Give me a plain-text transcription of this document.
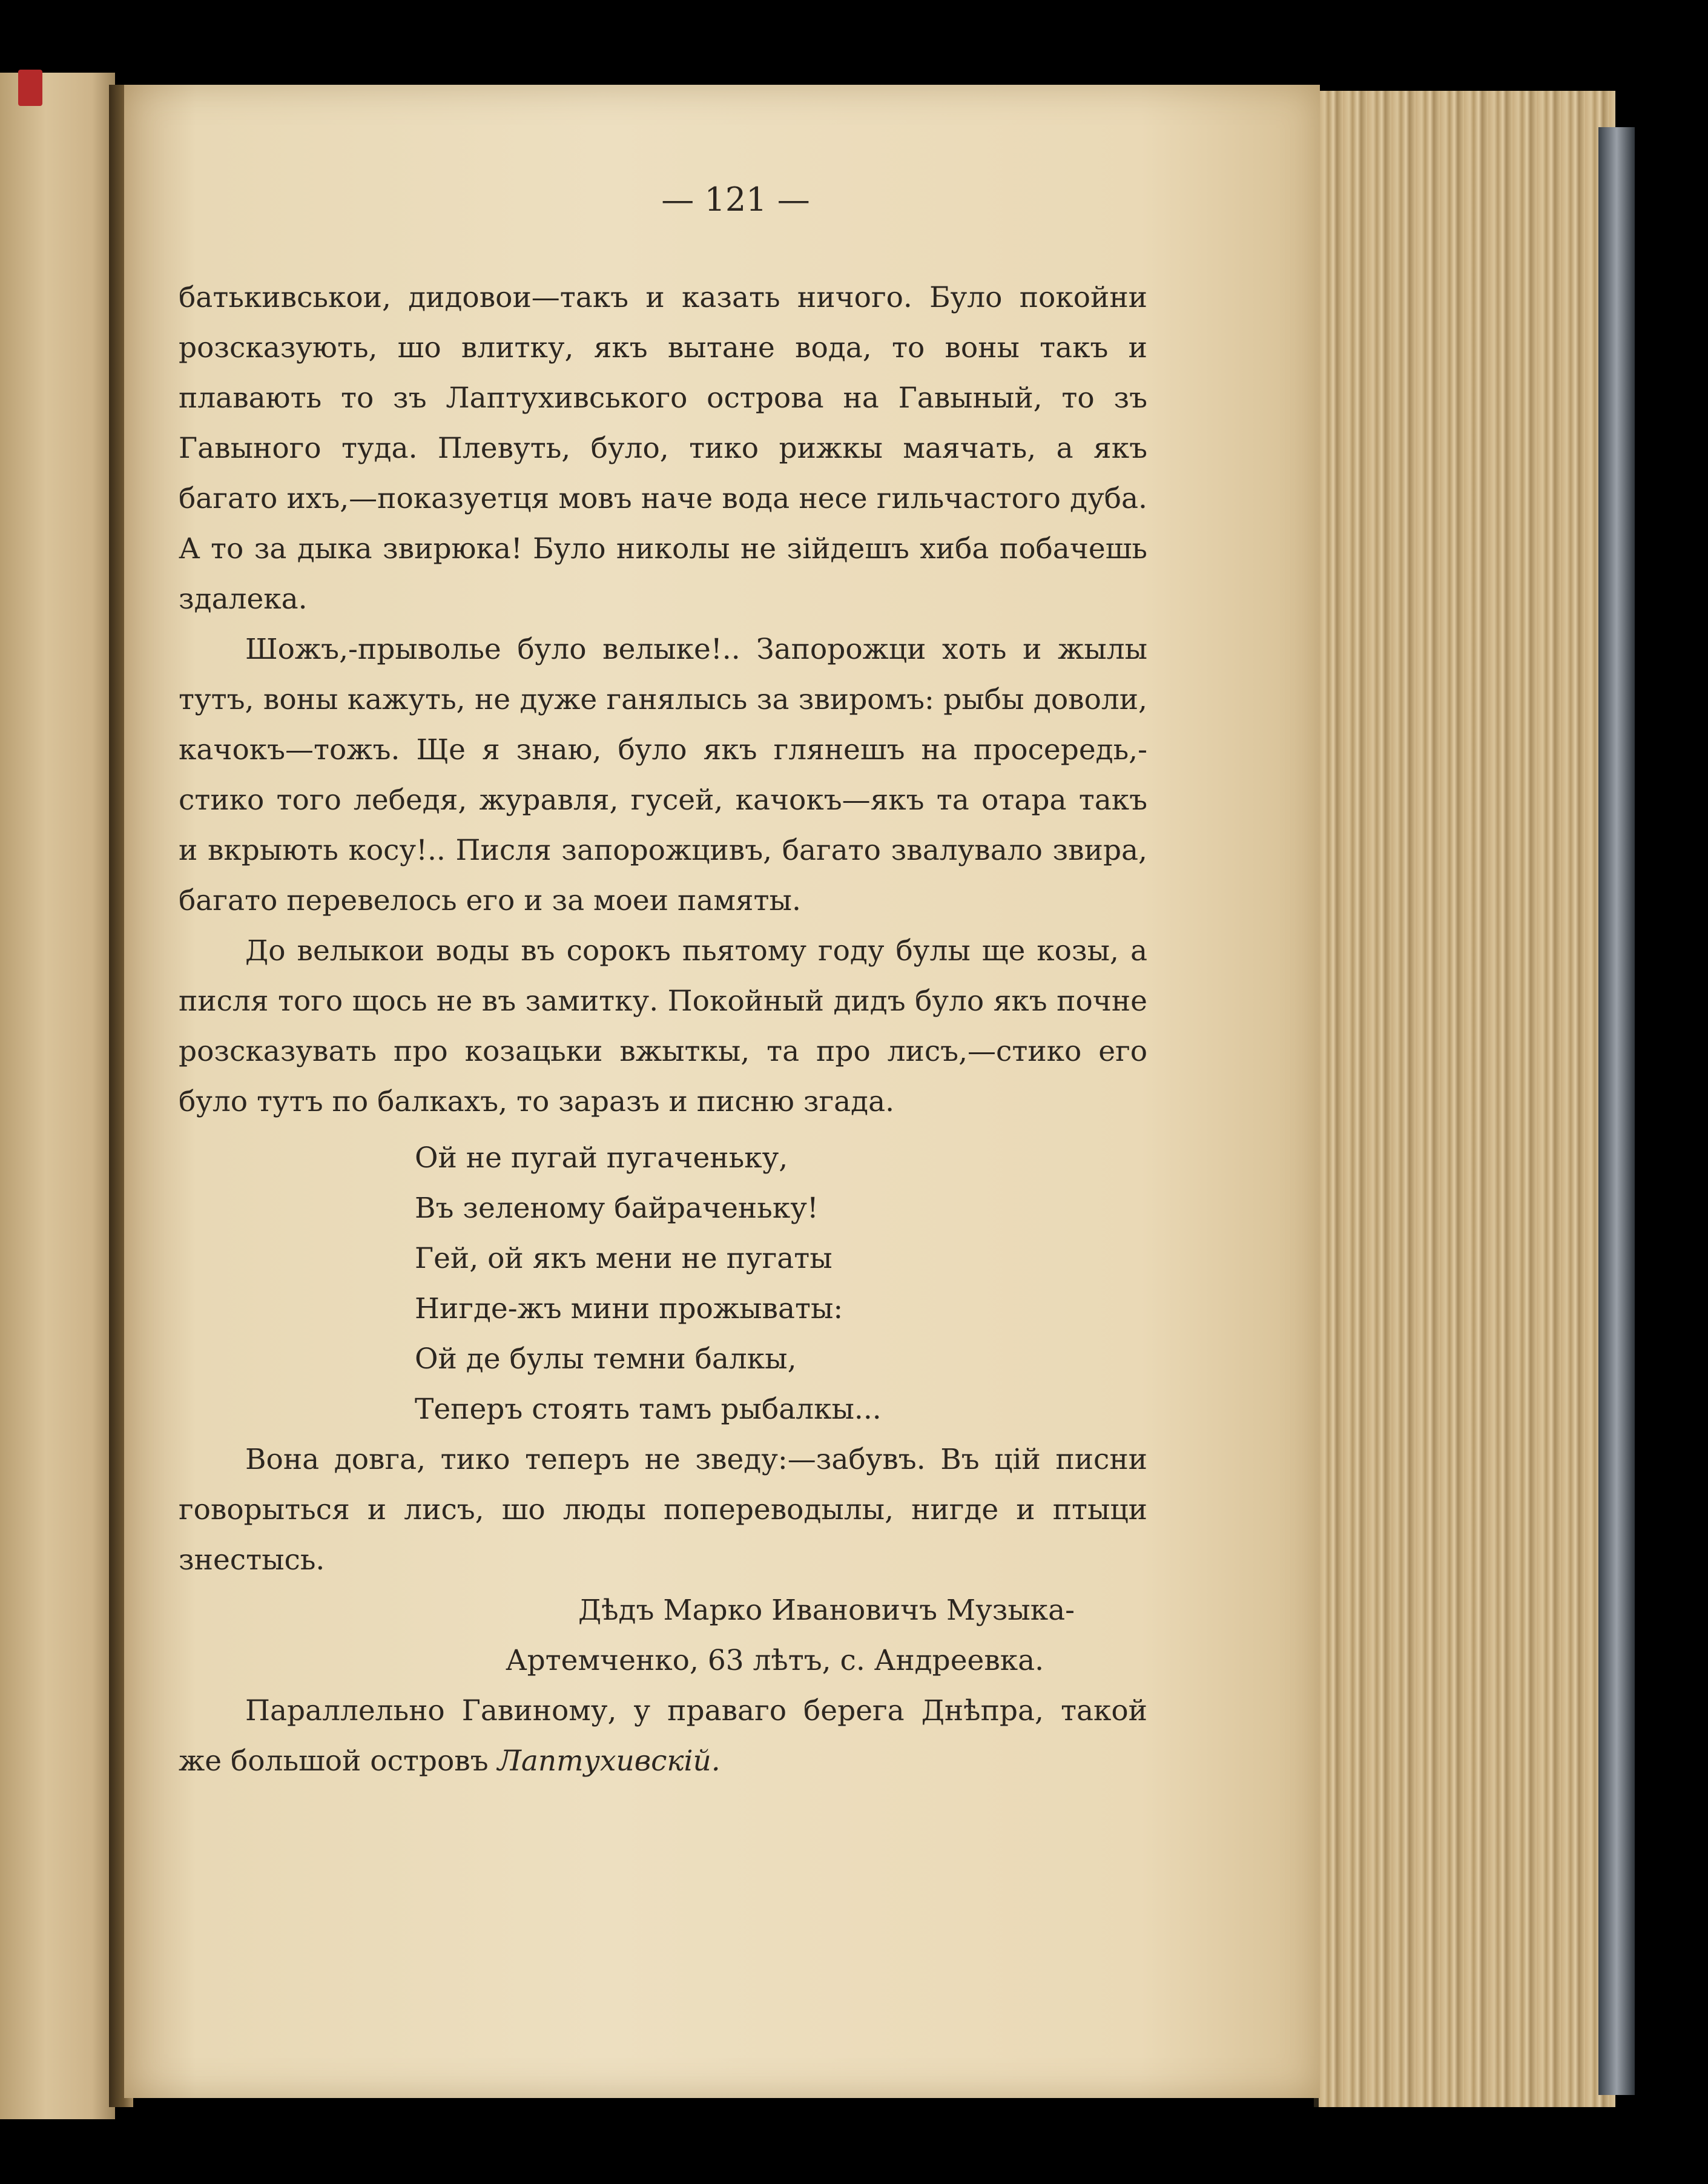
— 121 —

батькивськои, дидовои—такъ и казать ничого. Було покойни розсказують, шо влитку, якъ вытане вода, то воны такъ и плавають то зъ Лаптухивського острова на Гавыный, то зъ Гавыного туда. Плевуть, було, тико рижкы маячать, а якъ багато ихъ,—показуетця мовъ наче вода несе гильчастого дуба. А то за дыка звирюка! Було николы не зійдешъ хиба побачешь здалека.

Шожъ,-прыволье було велыке!.. Запорожци хоть и жылы тутъ, воны кажуть, не дуже ганялысь за звиромъ: рыбы доволи, качокъ—тожъ. Ще я знаю, було якъ глянешъ на просередь,- стико того лебедя, журавля, гусей, качокъ—якъ та отара такъ и вкрыють косу!.. Писля запорожцивъ, багато звалувало звира, багато перевелось его и за моеи памяты.

До велыкои воды въ сорокъ пьятому году булы ще козы, а писля того щось не въ замитку. Покойный дидъ було якъ почне розсказувать про козацьки вжыткы, та про лисъ,—стико его було тутъ по балкахъ, то заразъ и писню згада.

Ой не пугай пугаченьку,
Въ зеленому байраченьку!
Гей, ой якъ мени не пугаты
Нигде-жъ мини прожываты:
Ой де булы темни балкы,
Теперъ стоять тамъ рыбалкы...

Вона довга, тико теперъ не зведу:—забувъ. Въ цій писни говорыться и лисъ, шо люды попереводылы, нигде и птыци знестысь.

Дѣдъ Марко Ивановичъ Музыка-

Артемченко, 63 лѣтъ, с. Андреевка.

Параллельно Гавиному, у праваго берега Днѣпра, такой же большой островъ Лаптухивскій.
